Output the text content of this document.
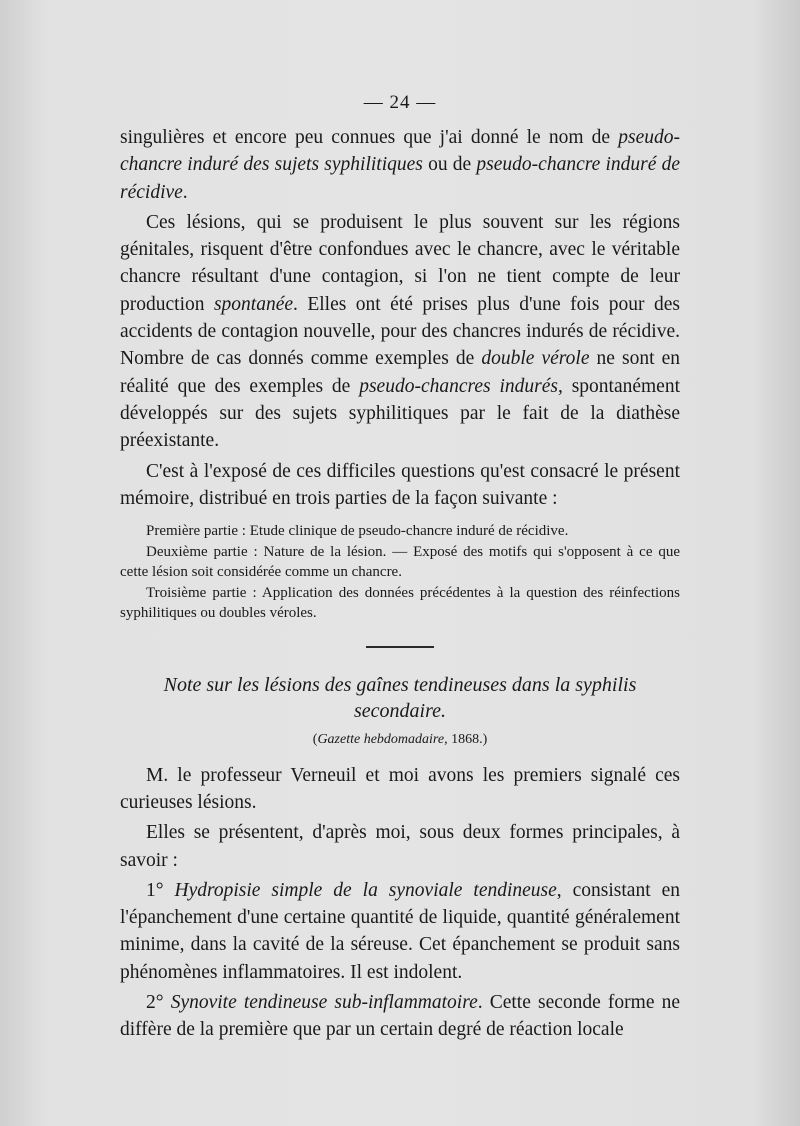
— 24 —

singulières et encore peu connues que j'ai donné le nom de pseudo-chancre induré des sujets syphilitiques ou de pseudo-chancre induré de récidive.

Ces lésions, qui se produisent le plus souvent sur les régions génitales, risquent d'être confondues avec le chancre, avec le véritable chancre résultant d'une contagion, si l'on ne tient compte de leur production spontanée. Elles ont été prises plus d'une fois pour des accidents de contagion nouvelle, pour des chancres indurés de récidive. Nombre de cas donnés comme exemples de double vérole ne sont en réalité que des exemples de pseudo-chancres indurés, spontanément développés sur des sujets syphilitiques par le fait de la diathèse préexistante.

C'est à l'exposé de ces difficiles questions qu'est consacré le présent mémoire, distribué en trois parties de la façon suivante :

Première partie : Etude clinique de pseudo-chancre induré de récidive.

Deuxième partie : Nature de la lésion. — Exposé des motifs qui s'opposent à ce que cette lésion soit considérée comme un chancre.

Troisième partie : Application des données précédentes à la question des réinfections syphilitiques ou doubles véroles.

Note sur les lésions des gaînes tendineuses dans la syphilis secondaire.

(Gazette hebdomadaire, 1868.)

M. le professeur Verneuil et moi avons les premiers signalé ces curieuses lésions.

Elles se présentent, d'après moi, sous deux formes principales, à savoir :

1° Hydropisie simple de la synoviale tendineuse, consistant en l'épanchement d'une certaine quantité de liquide, quantité généralement minime, dans la cavité de la séreuse. Cet épanchement se produit sans phénomènes inflammatoires. Il est indolent.

2° Synovite tendineuse sub-inflammatoire. Cette seconde forme ne diffère de la première que par un certain degré de réaction locale
